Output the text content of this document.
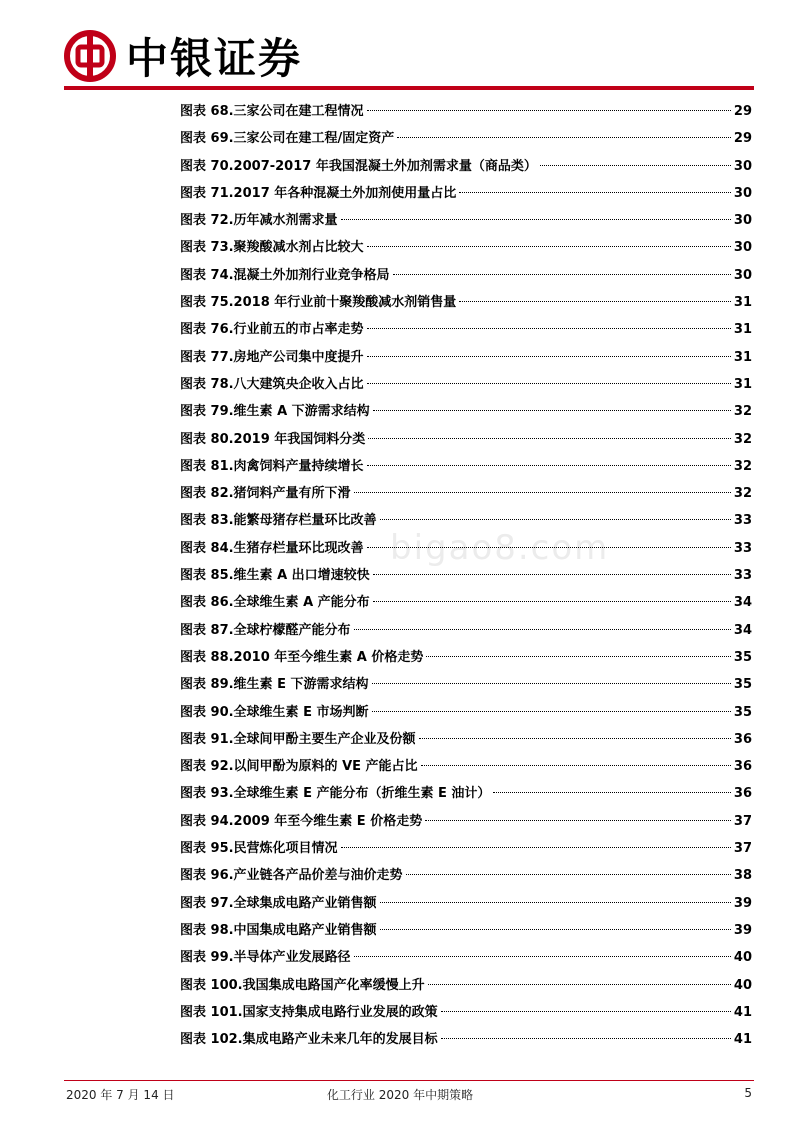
中银证券
bigao8.com
图表 68.三家公司在建工程情况	29
图表 69.三家公司在建工程/固定资产	29
图表 70.2007-2017 年我国混凝土外加剂需求量（商品类）	30
图表 71.2017 年各种混凝土外加剂使用量占比	30
图表 72.历年减水剂需求量	30
图表 73.聚羧酸减水剂占比较大	30
图表 74.混凝土外加剂行业竞争格局	30
图表 75.2018 年行业前十聚羧酸减水剂销售量	31
图表 76.行业前五的市占率走势	31
图表 77.房地产公司集中度提升	31
图表 78.八大建筑央企收入占比	31
图表 79.维生素 A 下游需求结构	32
图表 80.2019 年我国饲料分类	32
图表 81.肉禽饲料产量持续增长	32
图表 82.猪饲料产量有所下滑	32
图表 83.能繁母猪存栏量环比改善	33
图表 84.生猪存栏量环比现改善	33
图表 85.维生素 A 出口增速较快	33
图表 86.全球维生素 A 产能分布	34
图表 87.全球柠檬醛产能分布	34
图表 88.2010 年至今维生素 A 价格走势	35
图表 89.维生素 E 下游需求结构	35
图表 90.全球维生素 E 市场判断	35
图表 91.全球间甲酚主要生产企业及份额	36
图表 92.以间甲酚为原料的 VE 产能占比	36
图表 93.全球维生素 E 产能分布（折维生素 E 油计）	36
图表 94.2009 年至今维生素 E 价格走势	37
图表 95.民营炼化项目情况	37
图表 96.产业链各产品价差与油价走势	38
图表 97.全球集成电路产业销售额	39
图表 98.中国集成电路产业销售额	39
图表 99.半导体产业发展路径	40
图表 100.我国集成电路国产化率缓慢上升	40
图表 101.国家支持集成电路行业发展的政策	41
图表 102.集成电路产业未来几年的发展目标	41
2020 年 7 月 14 日	化工行业 2020 年中期策略	5
